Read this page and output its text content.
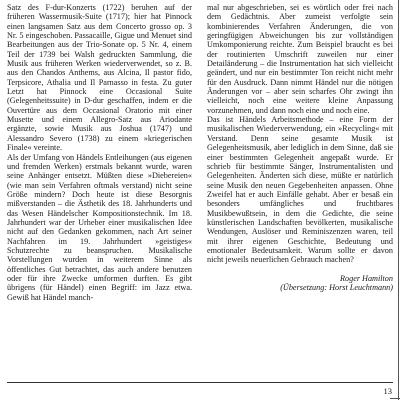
Satz des F-dur-Konzerts (1722) beruhen auf der früheren Wassermusik-Suite (1717); hier hat Pinnock einen langsamen Satz aus dem Concerto grosso op. 3 Nr. 5 eingeschoben. Passacaille, Gigue und Menuet sind Bearbeitungen aus der Trio-Sonate op. 5 Nr. 4, einem Teil der 1739 bei Walsh gedruckten Sammlung, die Musik aus früheren Werken wiederverwendet, so z. B. aus den Chandos Anthems, aus Alcina, Il pastor fido, Terpsicore, Athalia und Il Parnasso in festa. Zu guter Letzt hat Pinnock eine Occasional Suite (Gelegenheitssuite) in D-dur geschaffen, indem er die Ouvertüre aus dem Occasional Oratorio mit einer Musette und einem Allegro-Satz aus Ariodante ergänzte, sowie Musik aus Joshua (1747) und Alessandro Severo (1738) zu einem »kriegerischen Finale« vereinte.

Als der Umfang von Händels Entleihungen (aus eigenen und fremden Werken) erstmals bekannt wurde, waren seine Anhänger entsetzt. Müßten diese »Diebereien« (wie man sein Verfahren oftmals verstand) nicht seine Größe mindern? Doch heute ist diese Besorgnis mißverstanden – die Ästhetik des 18. Jahrhunderts und das Wesen Händelscher Kompositionstechnik. Im 18. Jahrhundert war der Urheber einer musikalischen Idee nicht auf den Gedanken gekommen, nach Art seiner Nachfahren im 19. Jahrhundert »geistiges« Schutzrechte zu beanspruchen. Musikalische Vorstellungen wurden in weiterem Sinne als öffentliches Gut betrachtet, das auch andere benutzen oder für ihre Zwecke umformen durften. Es gibt übrigens (für Händel) einen Begriff: im Jazz etwa. Gewiß hat Händel manch-

mal nur abgeschrieben, sei es wörtlich oder frei nach dem Gedächtnis. Aber zumeist verfolgte sein kombinierendes Verfahren Änderungen, die von geringfügigen Abweichungen bis zur vollständigen Umkomponierung reichte. Zum Beispiel braucht es bei der routinierten Umschrift zuweilen nur einer Detailänderung – die Instrumentation hat sich vielleicht geändert, und nur ein bestimmter Ton reicht nicht mehr für den Ausdruck. Dann nimmt Händel nur die nötigen Änderungen vor – aber sein scharfes Ohr zwingt ihn vielleicht, noch eine weitere kleine Anpassung vorzunehmen, und dann noch eine und noch eine.

Das ist Händels Arbeitsmethode – eine Form der musikalischen Wiederverwendung, ein »Recycling« mit Verstand. Denn seine gesamte Musik ist Gelegenheitsmusik, aber lediglich in dem Sinne, daß sie einer bestimmten Gelegenheit angepaßt wurde. Er schrieb für bestimmte Sänger, Instrumentalisten und Gelegenheiten. Änderten sich diese, müßte er natürlich seine Musik den neuen Gegebenheiten anpassen. Ohne Zweifel hat er auch Einfälle gehabt. Aber er besaß ein besonders umfängliches und fruchtbares Musikbewußtsein, in dem die Gedichte, die seine künstlerischen Landschaften bevölkerten, musikalische Wendungen, Auslöser und Reminiszenzen waren, teil mit ihrer eigenen Geschichte, Bedeutung und emotionaler Bedeutsamkeit. Warum sollte er davon nicht jeweils neuerlichen Gebrauch machen?

Roger Hamilton

(Übersetzung: Horst Leuchtmann)

13
